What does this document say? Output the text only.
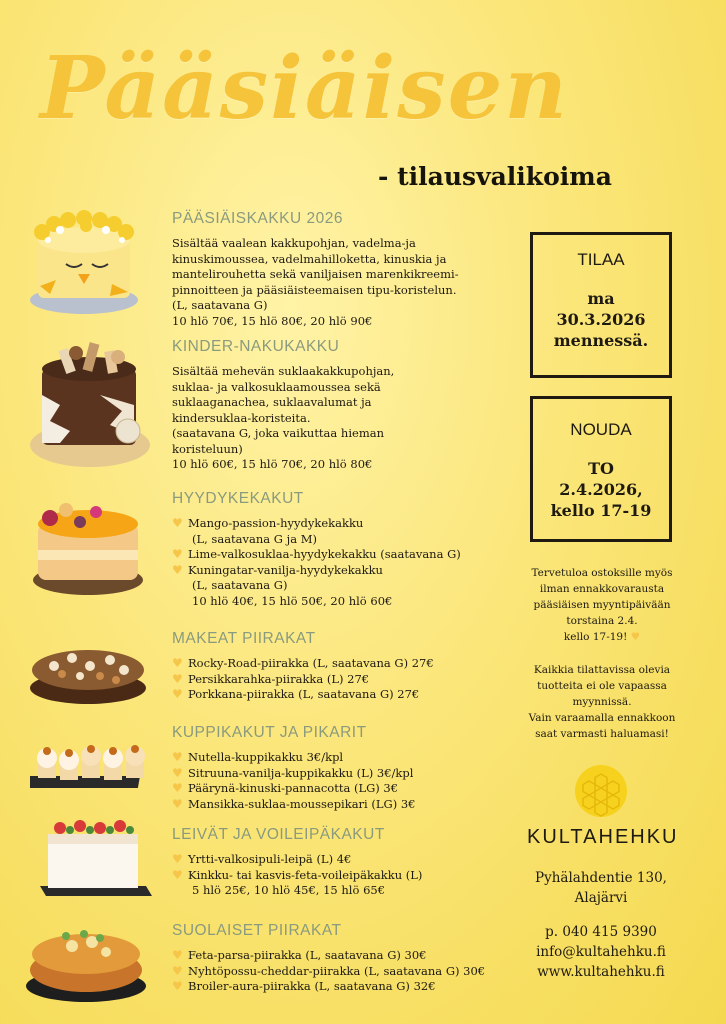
Pääsiäisen
- tilausvalikoima
PÄÄSIÄISKAKKU 2026

Sisältää vaalean kakkupohjan, vadelma-ja

kinuskimoussea, vadelmahilloketta, kinuskia ja

mantelirouhetta sekä vaniljaisen marenkikreemi-

pinnoitteen ja pääsiäisteemaisen tipu-koristelun.

(L, saatavana G)

10 hlö 70€, 15 hlö 80€, 20 hlö 90€

KINDER-NAKUKAKKU

Sisältää mehevän suklaakakkupohjan,

suklaa- ja valkosuklaamoussea sekä

suklaaganachea, suklaavalumat ja

kindersuklaa-koristeita.

(saatavana G, joka vaikuttaa hieman

koristeluun)

10 hlö 60€, 15 hlö 70€, 20 hlö 80€

HYYDYKEKAKUT
♥ Mango-passion-hyydykekakku
(L, saatavana G ja M)
♥ Lime-valkosuklaa-hyydykekakku (saatavana G)
♥ Kuningatar-vanilja-hyydykekakku
(L, saatavana G)
10 hlö 40€, 15 hlö 50€, 20 hlö 60€
MAKEAT PIIRAKAT
♥ Rocky-Road-piirakka (L, saatavana G) 27€
♥ Persikkarahka-piirakka (L) 27€
♥ Porkkana-piirakka (L, saatavana G) 27€
KUPPIKAKUT JA PIKARIT
♥ Nutella-kuppikakku 3€/kpl
♥ Sitruuna-vanilja-kuppikakku (L) 3€/kpl
♥ Päärynä-kinuski-pannacotta (LG) 3€
♥ Mansikka-suklaa-moussepikari (LG) 3€
LEIVÄT JA VOILEIPÄKAKUT
♥ Yrtti-valkosipuli-leipä (L) 4€
♥ Kinkku- tai kasvis-feta-voileipäkakku (L)
5 hlö 25€, 10 hlö 45€, 15 hlö 65€
SUOLAISET PIIRAKAT
♥ Feta-parsa-piirakka (L, saatavana G) 30€
♥ Nyhtöpossu-cheddar-piirakka (L, saatavana G) 30€
♥ Broiler-aura-piirakka (L, saatavana G) 32€
TILAA
ma
30.3.2026
mennessä.
NOUDA
TO
2.4.2026,
kello 17-19
Tervetuloa ostoksille myös
ilman ennakkovarausta
pääsiäisen myyntipäivään
torstaina 2.4.
kello 17-19! ♥
Kaikkia tilattavissa olevia
tuotteita ei ole vapaassa
myynnissä.
Vain varaamalla ennakkoon
saat varmasti haluamasi!
KULTAHEHKU
Pyhälahdentie 130,
Alajärvi
p. 040 415 9390
info@kultahehku.fi
www.kultahehku.fi
